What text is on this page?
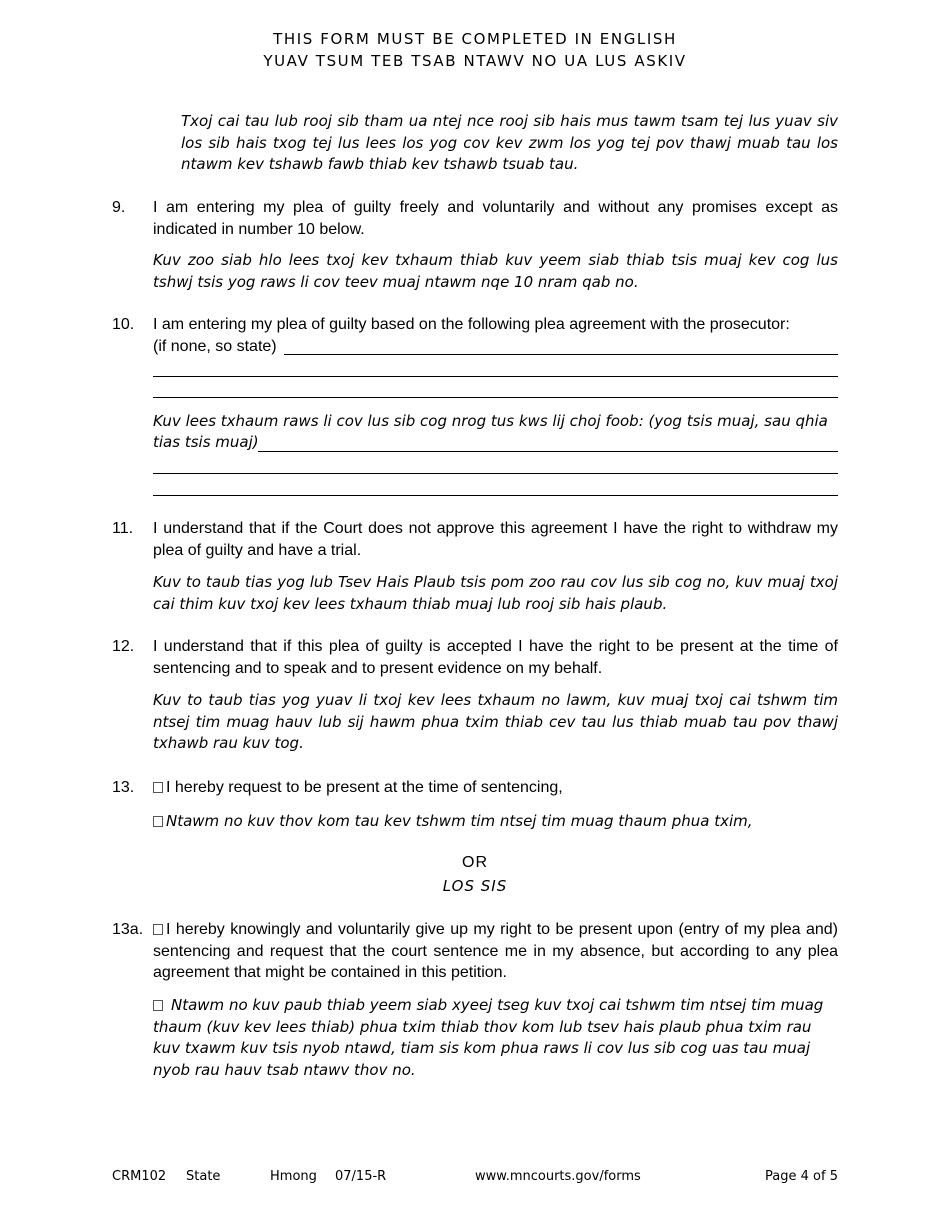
THIS FORM MUST BE COMPLETED IN ENGLISH
YUAV TSUM TEB TSAB NTAWV NO UA LUS ASKIV
Txoj cai tau lub rooj sib tham ua ntej nce rooj sib hais mus tawm tsam tej lus yuav siv los sib hais txog tej lus lees los yog cov kev zwm los yog tej pov thawj muab tau los ntawm kev tshawb fawb thiab kev tshawb tsuab tau.
9. I am entering my plea of guilty freely and voluntarily and without any promises except as indicated in number 10 below.
Kuv zoo siab hlo lees txoj kev txhaum thiab kuv yeem siab thiab tsis muaj kev cog lus tshwj tsis yog raws li cov teev muaj ntawm nqe 10 nram qab no.
10. I am entering my plea of guilty based on the following plea agreement with the prosecutor:
(if none, so state)
Kuv lees txhaum raws li cov lus sib cog nrog tus kws lij choj foob: (yog tsis muaj, sau qhia
tias tsis muaj)
11. I understand that if the Court does not approve this agreement I have the right to withdraw my plea of guilty and have a trial.
Kuv to taub tias yog lub Tsev Hais Plaub tsis pom zoo rau cov lus sib cog no, kuv muaj txoj cai thim kuv txoj kev lees txhaum thiab muaj lub rooj sib hais plaub.
12. I understand that if this plea of guilty is accepted I have the right to be present at the time of sentencing and to speak and to present evidence on my behalf.
Kuv to taub tias yog yuav li txoj kev lees txhaum no lawm, kuv muaj txoj cai tshwm tim ntsej tim muag hauv lub sij hawm phua txim thiab cev tau lus thiab muab tau pov thawj txhawb rau kuv tog.
13.	I hereby request to be present at the time of sentencing,
Ntawm no kuv thov kom tau kev tshwm tim ntsej tim muag thaum phua txim,
OR
LOS SIS
13a.	I hereby knowingly and voluntarily give up my right to be present upon (entry of my plea and) sentencing and request that the court sentence me in my absence, but according to any plea agreement that might be contained in this petition.
Ntawm no kuv paub thiab yeem siab xyeej tseg kuv txoj cai tshwm tim ntsej tim muag thaum (kuv kev lees thiab) phua txim thiab thov kom lub tsev hais plaub phua txim rau kuv txawm kuv tsis nyob ntawd, tiam sis kom phua raws li cov lus sib cog uas tau muaj nyob rau hauv tsab ntawv thov no.
CRM102 State	Hmong 07/15-R	www.mncourts.gov/forms	Page 4 of 5
